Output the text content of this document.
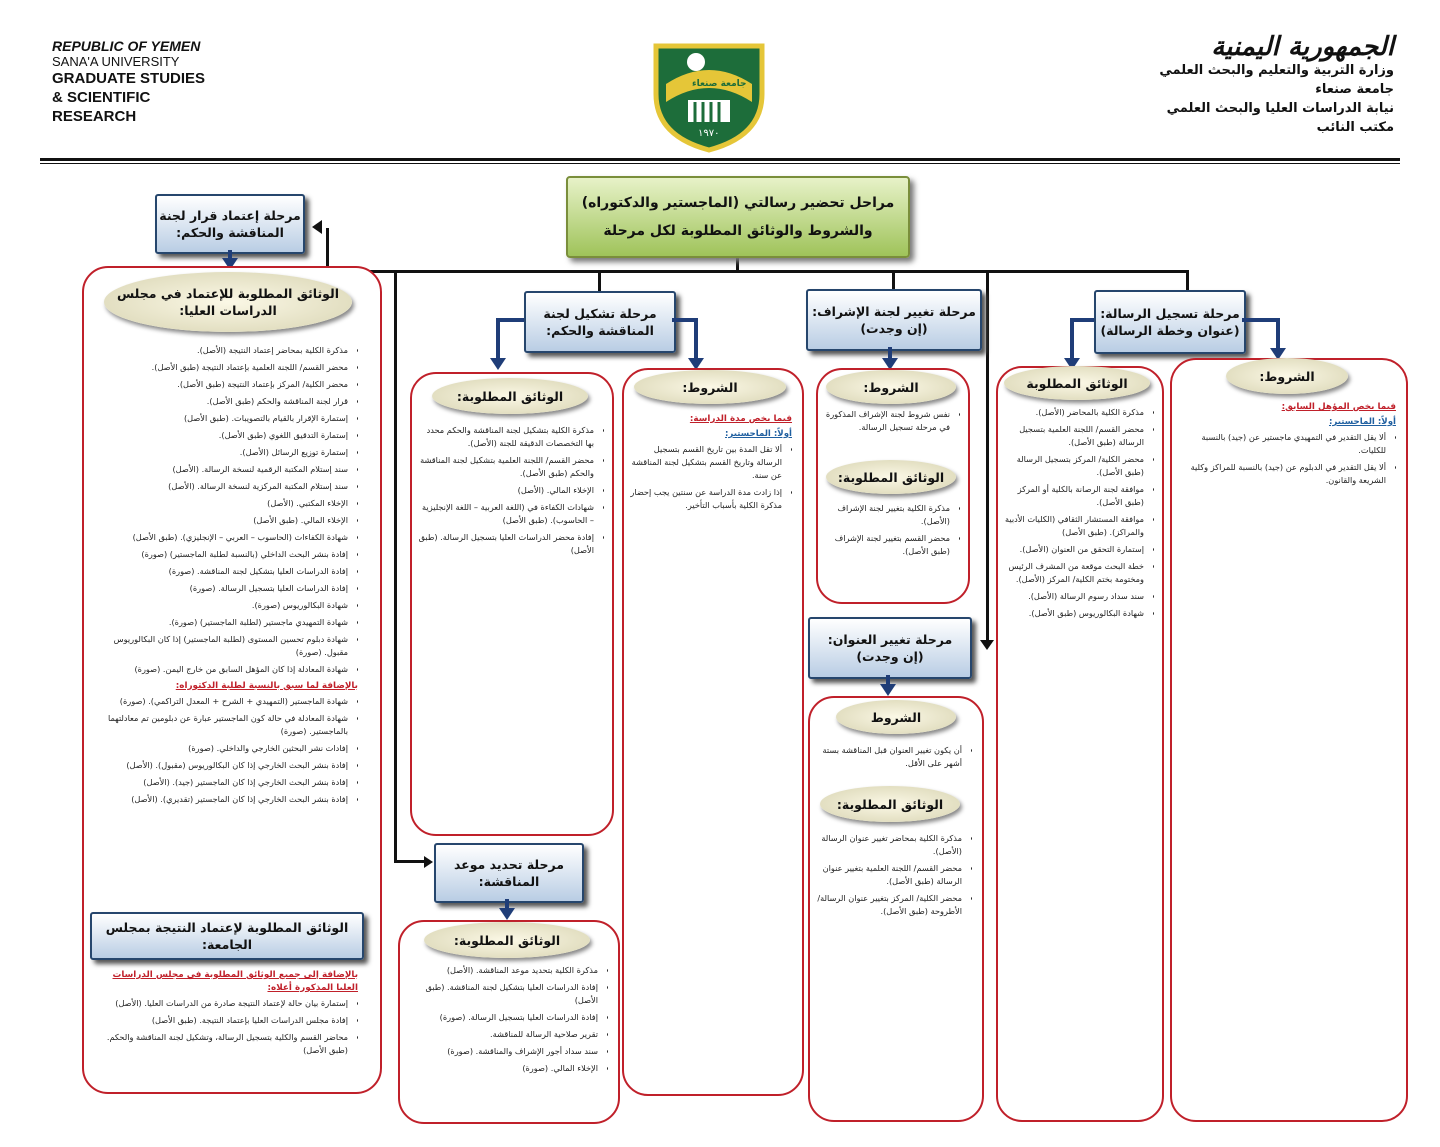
REPUBLIC OF YEMEN
SANA'A UNIVERSITY
GRADUATE STUDIES
& SCIENTIFIC
RESEARCH
جامعة صنعاء
١٩٧٠
الجمهورية اليمنية
وزارة التربية والتعليم والبحث العلمي
جامعة صنعاء
نيابة الدراسات العليا والبحث العلمي
مكتب النائب
مراحل تحضير رسالتي (الماجستير والدكتوراه)
والشروط والوثائق المطلوبة لكل مرحلة
مرحلة إعتماد قرار لجنة المناقشة والحكم:
مرحلة تشكيل لجنة المناقشة والحكم:
مرحلة تغيير لجنة الإشراف:
(إن وجدت)
مرحلة تسجيل الرسالة:
(عنوان وخطة الرسالة)
مرحلة تغيير العنوان:
(إن وجدت)
مرحلة تحديد موعد المناقشة:
الوثائق المطلوبة للإعتماد في مجلس الدراسات العليا:
• مذكرة الكلية بمحاضر إعتماد النتيجة (الأصل).
• محضر القسم/ اللجنة العلمية بإعتماد النتيجة (طبق الأصل).
• محضر الكلية/ المركز بإعتماد النتيجة (طبق الأصل).
• قرار لجنة المناقشة والحكم (طبق الأصل).
• إستمارة الإقرار بالقيام بالتصويبات. (طبق الأصل)
• إستمارة التدقيق اللغوي (طبق الأصل).
• إستمارة توزيع الرسائل (الأصل).
• سند إستلام المكتبة الرقمية لنسخة الرسالة. (الأصل)
• سند إستلام المكتبة المركزية لنسخة الرسالة. (الأصل)
• الإخلاء المكتبي. (الأصل)
• الإخلاء المالي. (طبق الأصل)
• شهادة الكفاءات (الحاسوب – العربي – الإنجليزي). (طبق الأصل)
• إفادة بنشر البحث الداخلي (بالنسبة لطلبة الماجستير) (صورة)
• إفادة الدراسات العليا بتشكيل لجنة المناقشة. (صورة)
• إفادة الدراسات العليا بتسجيل الرسالة. (صورة)
• شهادة البكالوريوس (صورة).
• شهادة التمهيدي ماجستير (لطلبة الماجستير) (صورة).
• شهادة دبلوم تحسين المستوى (لطلبة الماجستير) إذا كان البكالوريوس مقبول. (صورة)
• شهادة المعادلة إذا كان المؤهل السابق من خارج اليمن. (صورة)
بالإضافة لما سبق بالنسبة لطلبة الدكتوراه:
• شهادة الماجستير (التمهيدي + الشرح + المعدل التراكمي). (صورة)
• شهادة المعادلة في حالة كون الماجستير عبارة عن دبلومين تم معادلتهما بالماجستير. (صورة)
• إفادات نشر البحثين الخارجي والداخلي. (صورة)
• إفادة بنشر البحث الخارجي إذا كان البكالوريوس (مقبول). (الأصل)
• إفادة بنشر البحث الخارجي إذا كان الماجستير (جيد). (الأصل)
• إفادة بنشر البحث الخارجي إذا كان الماجستير (تقديري). (الأصل)
الوثائق المطلوبة لإعتماد النتيجة بمجلس الجامعة:
بالإضافة إلى جميع الوثائق المطلوبة في مجلس الدراسات العليا المذكورة أعلاه:
• إستمارة بيان حالة لإعتماد النتيجة صادرة من الدراسات العليا. (الأصل)
• إفادة مجلس الدراسات العليا بإعتماد النتيجة. (طبق الأصل)
• محاضر القسم والكلية بتسجيل الرسالة، وتشكيل لجنة المناقشة والحكم. (طبق الأصل)
الوثائق المطلوبة:
• مذكرة الكلية بتشكيل لجنة المناقشة والحكم محدد بها التخصصات الدقيقة للجنة (الأصل).
• محضر القسم/ اللجنة العلمية بتشكيل لجنة المناقشة والحكم (طبق الأصل).
• الإخلاء المالي. (الأصل)
• شهادات الكفاءة في (اللغة العربية – اللغة الإنجليزية – الحاسوب). (طبق الأصل)
• إفادة محضر الدراسات العليا بتسجيل الرسالة. (طبق الأصل)
الشروط:
فيما يخص مدة الدراسة:
أولاً: الماجستير:
• ألا تقل المدة بين تاريخ القسم بتسجيل الرسالة وتاريخ القسم بتشكيل لجنة المناقشة عن سنة.
• إذا زادت مدة الدراسة عن سنتين يجب إحضار مذكرة الكلية بأسباب التأخير.
الشروط:
• نفس شروط لجنة الإشراف المذكورة في مرحلة تسجيل الرسالة.
الوثائق المطلوبة:
• مذكرة الكلية بتغيير لجنة الإشراف (الأصل).
• محضر القسم بتغيير لجنة الإشراف (طبق الأصل).
الشروط
• أن يكون تغيير العنوان قبل المناقشة بستة أشهر على الأقل.
الوثائق المطلوبة:
• مذكرة الكلية بمحاضر تغيير عنوان الرسالة (الأصل).
• محضر القسم/ اللجنة العلمية بتغيير عنوان الرسالة (طبق الأصل).
• محضر الكلية/ المركز بتغيير عنوان الرسالة/ الأطروحة (طبق الأصل).
الوثائق المطلوبة:
• مذكرة الكلية بتحديد موعد المناقشة. (الأصل)
• إفادة الدراسات العليا بتشكيل لجنة المناقشة. (طبق الأصل)
• إفادة الدراسات العليا بتسجيل الرسالة. (صورة)
• تقرير صلاحية الرسالة للمناقشة.
• سند سداد أجور الإشراف والمناقشة. (صورة)
• الإخلاء المالي. (صورة)
الوثائق المطلوبة
• مذكرة الكلية بالمحاضر (الأصل).
• محضر القسم/ اللجنة العلمية بتسجيل الرسالة (طبق الأصل).
• محضر الكلية/ المركز بتسجيل الرسالة (طبق الأصل).
• موافقة لجنة الرصانة بالكلية أو المركز (طبق الأصل).
• موافقة المستشار الثقافي (الكليات الأدبية والمراكز). (طبق الأصل)
• إستمارة التحقق من العنوان (الأصل).
• خطة البحث موقعة من المشرف الرئيس ومختومة بختم الكلية/ المركز (الأصل).
• سند سداد رسوم الرسالة (الأصل).
• شهادة البكالوريوس (طبق الأصل).
الشروط:
فيما يخص المؤهل السابق:
أولاً: الماجستير:
• ألا يقل التقدير في التمهيدي ماجستير عن (جيد) بالنسبة للكليات.
• ألا يقل التقدير في الدبلوم عن (جيد) بالنسبة للمراكز وكلية الشريعة والقانون.
